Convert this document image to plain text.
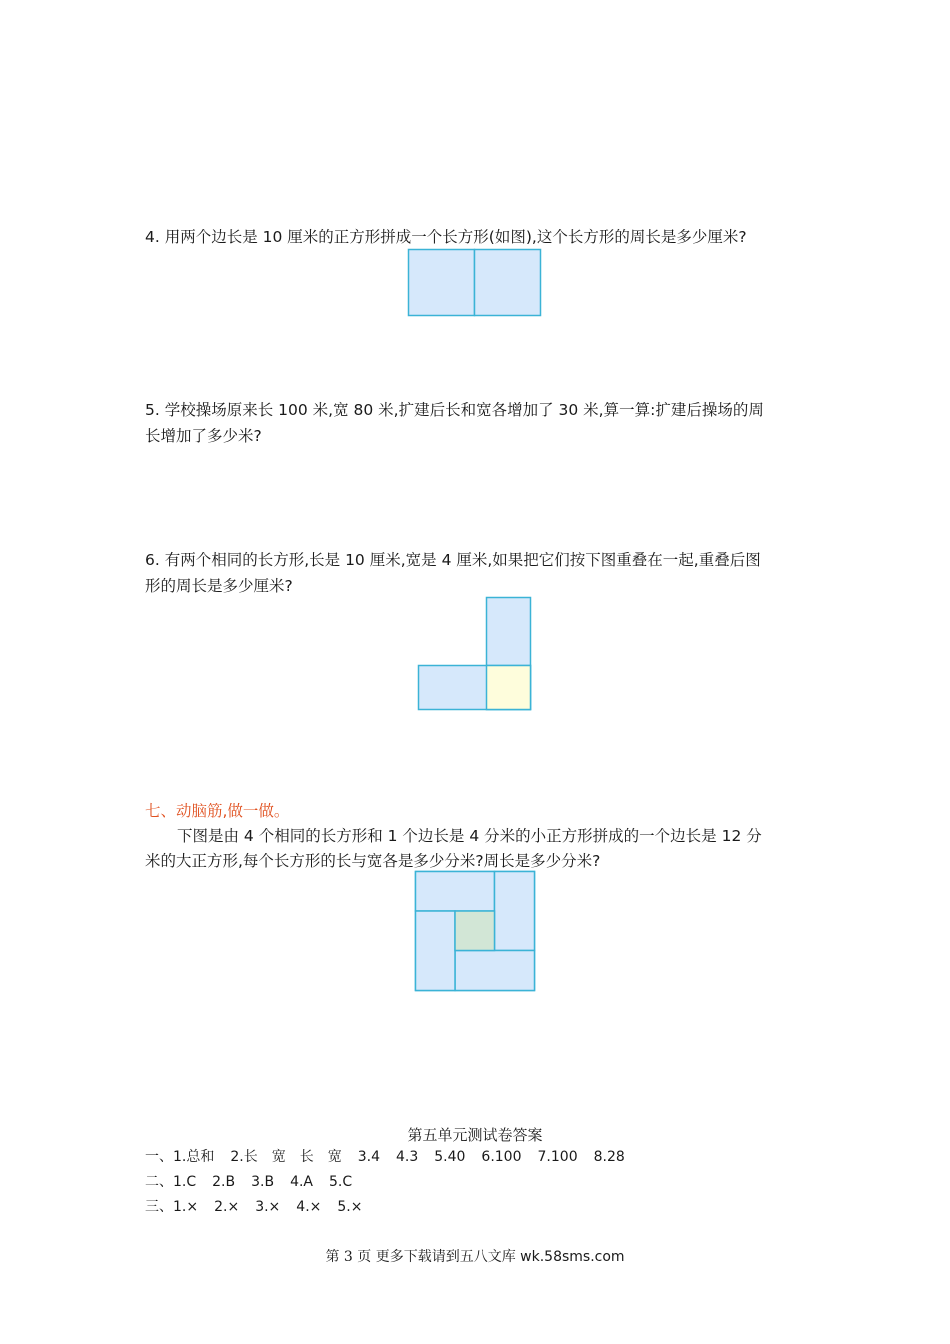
4. 用两个边长是 10 厘米的正方形拼成一个长方形(如图),这个长方形的周长是多少厘米?
5. 学校操场原来长 100 米,宽 80 米,扩建后长和宽各增加了 30 米,算一算:扩建后操场的周
长增加了多少米?
6. 有两个相同的长方形,长是 10 厘米,宽是 4 厘米,如果把它们按下图重叠在一起,重叠后图
形的周长是多少厘米?
七、动脑筋,做一做。
下图是由 4 个相同的长方形和 1 个边长是 4 分米的小正方形拼成的一个边长是 12 分
米的大正方形,每个长方形的长与宽各是多少分米?周长是多少分米?
第五单元测试卷答案
一、1.总和 2.长　宽　长　宽 3.4 4.3 5.40 6.100 7.100 8.28
二、1.C 2.B 3.B 4.A 5.C
三、1.× 2.× 3.× 4.× 5.×
第 3 页 更多下载请到五八文库 wk.58sms.com
